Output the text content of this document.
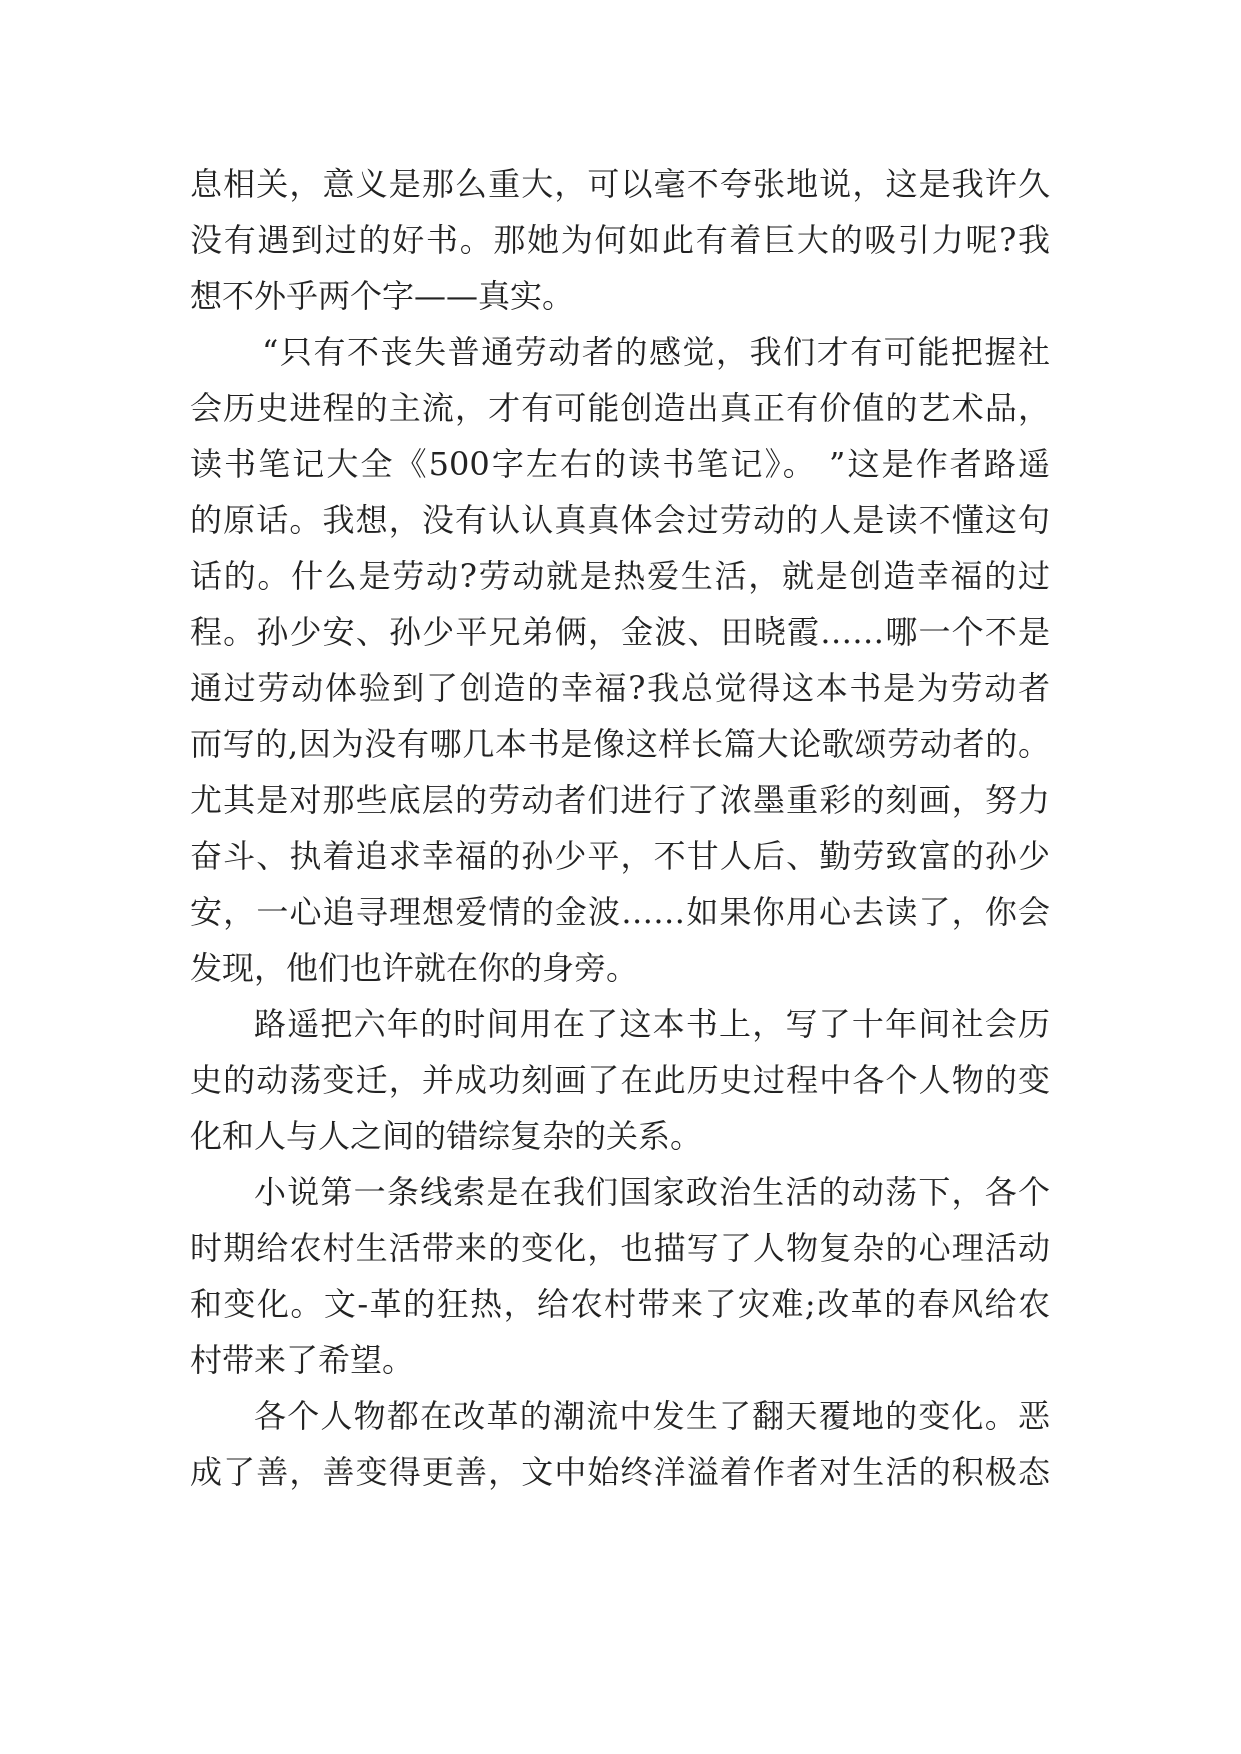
息相关，意义是那么重大，可以毫不夸张地说，这是我许久
没有遇到过的好书。那她为何如此有着巨大的吸引力呢?我
想不外乎两个字——真实。
“只有不丧失普通劳动者的感觉，我们才有可能把握社
会历史进程的主流，才有可能创造出真正有价值的艺术品，
读书笔记大全《500字左右的读书笔记》。 ”这是作者路遥
的原话。我想，没有认认真真体会过劳动的人是读不懂这句
话的。什么是劳动?劳动就是热爱生活，就是创造幸福的过
程。孙少安、孙少平兄弟俩，金波、田晓霞……哪一个不是
通过劳动体验到了创造的幸福?我总觉得这本书是为劳动者
而写的,因为没有哪几本书是像这样长篇大论歌颂劳动者的。
尤其是对那些底层的劳动者们进行了浓墨重彩的刻画，努力
奋斗、执着追求幸福的孙少平，不甘人后、勤劳致富的孙少
安，一心追寻理想爱情的金波……如果你用心去读了，你会
发现，他们也许就在你的身旁。
路遥把六年的时间用在了这本书上，写了十年间社会历
史的动荡变迁，并成功刻画了在此历史过程中各个人物的变
化和人与人之间的错综复杂的关系。
小说第一条线索是在我们国家政治生活的动荡下，各个
时期给农村生活带来的变化，也描写了人物复杂的心理活动
和变化。文-革的狂热，给农村带来了灾难;改革的春风给农
村带来了希望。
各个人物都在改革的潮流中发生了翻天覆地的变化。恶
成了善，善变得更善，文中始终洋溢着作者对生活的积极态
